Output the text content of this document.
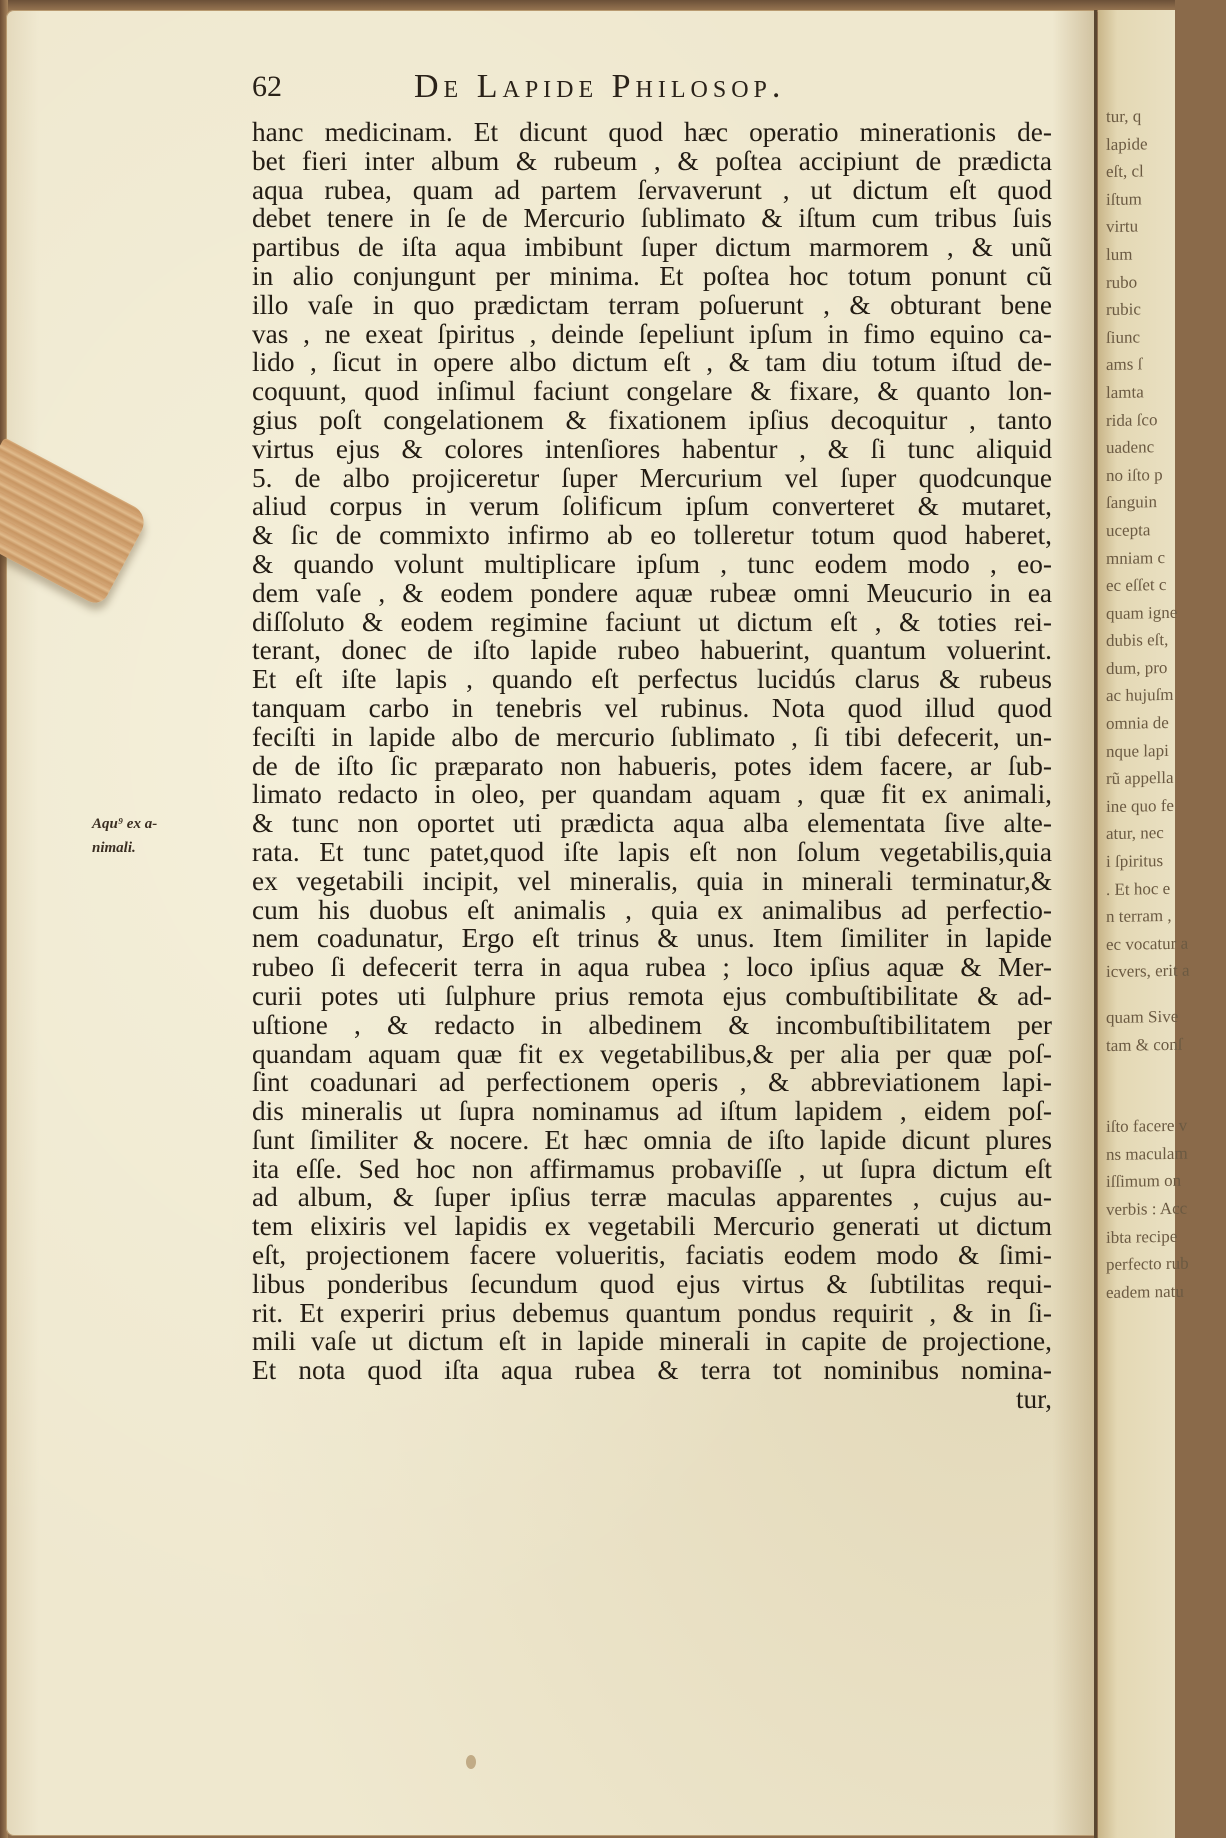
62	De Lapide Philosop.
Aqu⁹ ex a-
nimali.
hanc medicinam. Et dicunt quod hæc operatio minerationis de-
bet fieri inter album & rubeum , & poſtea accipiunt de prædicta
aqua rubea, quam ad partem ſervaverunt , ut dictum eſt quod
debet tenere in ſe de Mercurio ſublimato & iſtum cum tribus ſuis
partibus de iſta aqua imbibunt ſuper dictum marmorem , & unũ
in alio conjungunt per minima. Et poſtea hoc totum ponunt cũ
illo vaſe in quo prædictam terram poſuerunt , & obturant bene
vas , ne exeat ſpiritus , deinde ſepeliunt ipſum in fimo equino ca-
lido , ſicut in opere albo dictum eſt , & tam diu totum iſtud de-
coquunt, quod inſimul faciunt congelare & fixare, & quanto lon-
gius poſt congelationem & fixationem ipſius decoquitur , tanto
virtus ejus & colores intenſiores habentur , & ſi tunc aliquid
5. de albo projiceretur ſuper Mercurium vel ſuper quodcunque
aliud corpus in verum ſolificum ipſum converteret & mutaret,
& ſic de commixto infirmo ab eo tolleretur totum quod haberet,
& quando volunt multiplicare ipſum , tunc eodem modo , eo-
dem vaſe , & eodem pondere aquæ rubeæ omni Meucurio in ea
diſſoluto & eodem regimine faciunt ut dictum eſt , & toties rei-
terant, donec de iſto lapide rubeo habuerint, quantum voluerint.
Et eſt iſte lapis , quando eſt perfectus lucidús clarus & rubeus
tanquam carbo in tenebris vel rubinus. Nota quod illud quod
feciſti in lapide albo de mercurio ſublimato , ſi tibi defecerit, un-
de de iſto ſic præparato non habueris, potes idem facere, ar ſub-
limato redacto in oleo, per quandam aquam , quæ fit ex animali,
& tunc non oportet uti prædicta aqua alba elementata ſive alte-
rata. Et tunc patet,quod iſte lapis eſt non ſolum vegetabilis,quia
ex vegetabili incipit, vel mineralis, quia in minerali terminatur,&
cum his duobus eſt animalis , quia ex animalibus ad perfectio-
nem coadunatur, Ergo eſt trinus & unus. Item ſimiliter in lapide
rubeo ſi defecerit terra in aqua rubea ; loco ipſius aquæ & Mer-
curii potes uti ſulphure prius remota ejus combuſtibilitate & ad-
uſtione , & redacto in albedinem & incombuſtibilitatem per
quandam aquam quæ fit ex vegetabilibus,& per alia per quæ poſ-
ſint coadunari ad perfectionem operis , & abbreviationem lapi-
dis mineralis ut ſupra nominamus ad iſtum lapidem , eidem poſ-
ſunt ſimiliter & nocere. Et hæc omnia de iſto lapide dicunt plures
ita eſſe. Sed hoc non affirmamus probaviſſe , ut ſupra dictum eſt
ad album, & ſuper ipſius terræ maculas apparentes , cujus au-
tem elixiris vel lapidis ex vegetabili Mercurio generati ut dictum
eſt, projectionem facere volueritis, faciatis eodem modo & ſimi-
libus ponderibus ſecundum quod ejus virtus & ſubtilitas requi-
rit. Et experiri prius debemus quantum pondus requirit , & in ſi-
mili vaſe ut dictum eſt in lapide minerali in capite de projectione,
Et nota quod iſta aqua rubea & terra tot nominibus nomina-
tur,
tur, q
lapide
eſt, cl
iſtum
virtu
lum
rubo
rubic
ſiunc
ams ſ
lamta
rida ſco
uadenc
no iſto p
ſanguin
ucepta
mniam c
ec eſſet c
quam igne
dubis eſt,
dum, pro
ac hujuſm
omnia de
nque lapi
rũ appella
ine quo fe
atur, nec
i ſpiritus
. Et hoc e
n terram ,
ec vocatur a
icvers, erit a
quam Sive
tam & conſ
iſto facere v
ns maculam
iſſimum on
verbis : Acc
ibta recipe
perfecto rub
eadem natu
